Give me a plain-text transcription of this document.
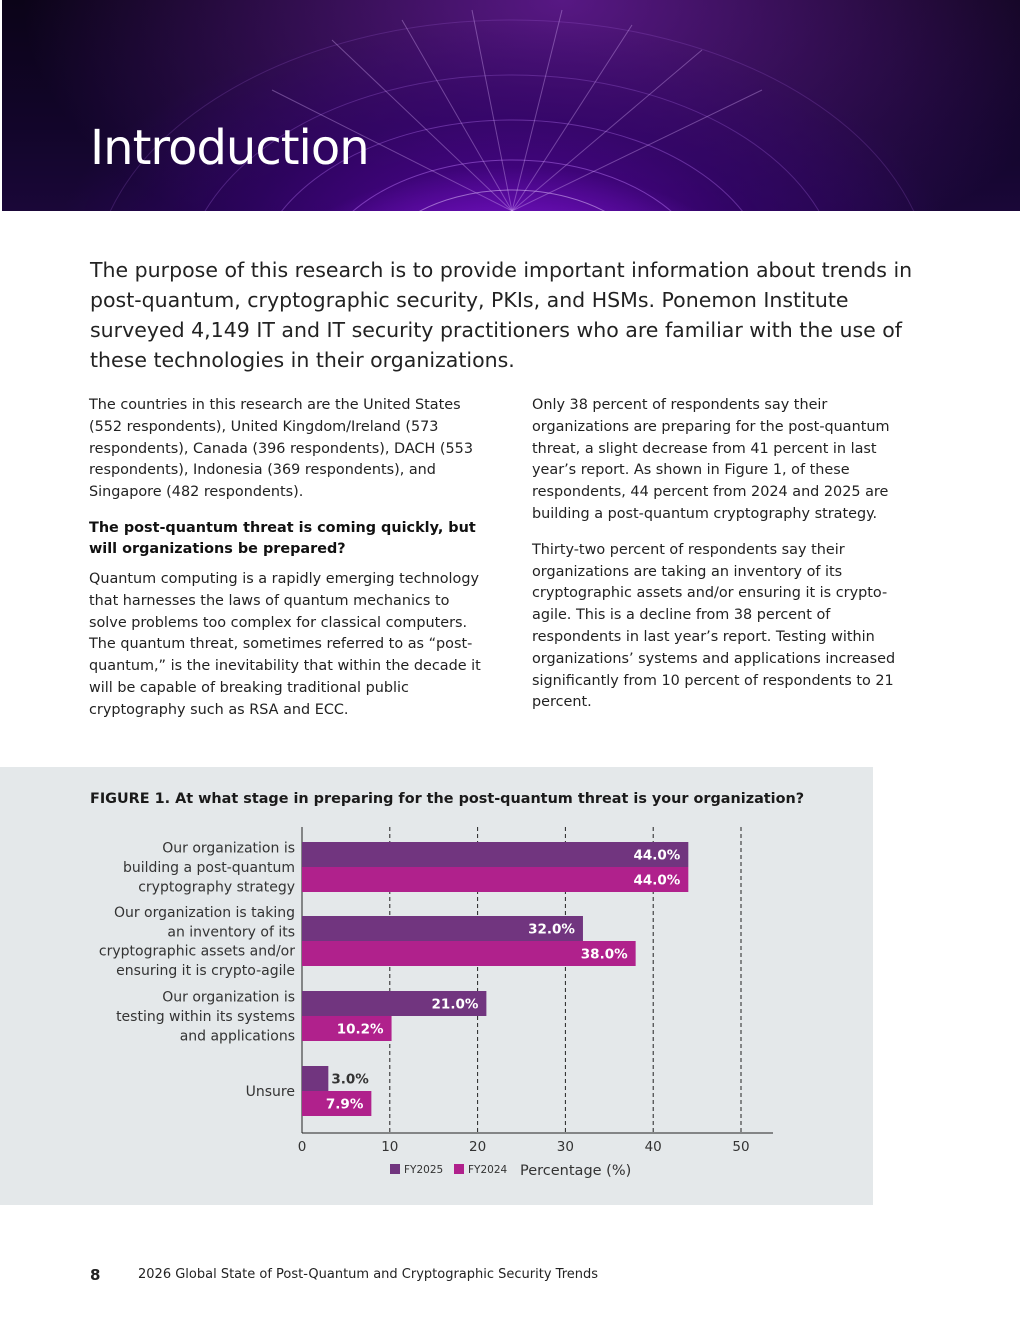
Introduction

The purpose of this research is to provide important information about trends in post-quantum, cryptographic security, PKIs, and HSMs. Ponemon Institute surveyed 4,149 IT and IT security practitioners who are familiar with the use of these technologies in their organizations.

The countries in this research are the United States (552 respondents), United Kingdom/Ireland (573 respondents), Canada (396 respondents), DACH (553 respondents), Indonesia (369 respondents), and Singapore (482 respondents).

The post-quantum threat is coming quickly, but will organizations be prepared?

Quantum computing is a rapidly emerging technology that harnesses the laws of quantum mechanics to solve problems too complex for classical computers. The quantum threat, sometimes referred to as “post-quantum,” is the inevitability that within the decade it will be capable of breaking traditional public cryptography such as RSA and ECC.

Only 38 percent of respondents say their organizations are preparing for the post-quantum threat, a slight decrease from 41 percent in last year’s report. As shown in Figure 1, of these respondents, 44 percent from 2024 and 2025 are building a post-quantum cryptography strategy.

Thirty-two percent of respondents say their organizations are taking an inventory of its cryptographic assets and/or ensuring it is crypto-agile. This is a decline from 38 percent of respondents in last year’s report. Testing within organizations’ systems and applications increased significantly from 10 percent of respondents to 21 percent.

FIGURE 1. At what stage in preparing for the post-quantum threat is your organization?

0	10	20	30	40	50
44.0%
44.0%
Our organization is
building a post-quantum
cryptography strategy
32.0%
38.0%
Our organization is taking
an inventory of its
cryptographic assets and/or
ensuring it is crypto-agile
21.0%
10.2%
Our organization is
testing within its systems
and applications
3.0%
7.9%
Unsure
FY2025 FY2024 Percentage (%)
8	2026 Global State of Post-Quantum and Cryptographic Security Trends
